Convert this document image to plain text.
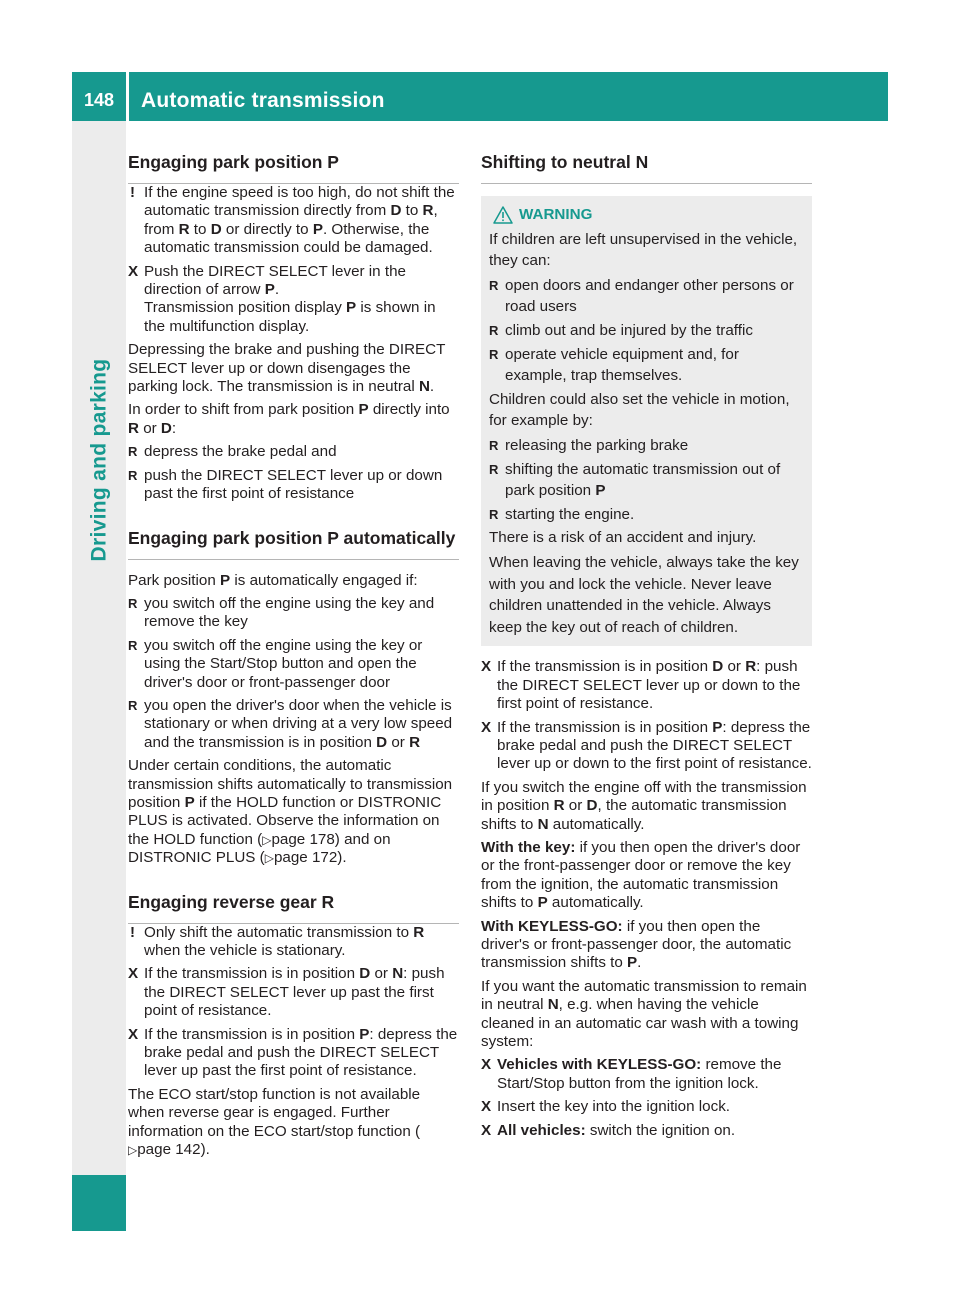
148	Automatic transmission
Driving and parking
Engaging park position P
! If the engine speed is too high, do not shift the automatic transmission directly from D to R, from R to D or directly to P. Otherwise, the automatic transmission could be damaged.
X Push the DIRECT SELECT lever in the direction of arrow P.
Transmission position display P is shown in the multifunction display.

Depressing the brake and pushing the DIRECT SELECT lever up or down disengages the parking lock. The transmission is in neutral N.

In order to shift from park position P directly into R or D:

R depress the brake pedal and
R push the DIRECT SELECT lever up or down past the first point of resistance
Engaging park position P automatically

Park position P is automatically engaged if:

R you switch off the engine using the key and remove the key
R you switch off the engine using the key or using the Start/Stop button and open the driver's door or front-passenger door
R you open the driver's door when the vehicle is stationary or when driving at a very low speed and the transmission is in position D or R

Under certain conditions, the automatic transmission shifts automatically to transmission position P if the HOLD function or DISTRONIC PLUS is activated. Observe the information on the HOLD function (▷page 178) and on DISTRONIC PLUS (▷page 172).

Engaging reverse gear R
! Only shift the automatic transmission to R when the vehicle is stationary.
X If the transmission is in position D or N: push the DIRECT SELECT lever up past the first point of resistance.
X If the transmission is in position P: depress the brake pedal and push the DIRECT SELECT lever up past the first point of resistance.

The ECO start/stop function is not available when reverse gear is engaged. Further information on the ECO start/stop function (
▷page 142).

Shifting to neutral N
WARNING

If children are left unsupervised in the vehicle, they can:

R open doors and endanger other persons or road users
R climb out and be injured by the traffic
R operate vehicle equipment and, for example, trap themselves.

Children could also set the vehicle in motion, for example by:

R releasing the parking brake
R shifting the automatic transmission out of park position P
R starting the engine.

There is a risk of an accident and injury.

When leaving the vehicle, always take the key with you and lock the vehicle. Never leave children unattended in the vehicle. Always keep the key out of reach of children.

X If the transmission is in position D or R: push the DIRECT SELECT lever up or down to the first point of resistance.
X If the transmission is in position P: depress the brake pedal and push the DIRECT SELECT lever up or down to the first point of resistance.

If you switch the engine off with the transmission in position R or D, the automatic transmission shifts to N automatically.

With the key: if you then open the driver's door or the front-passenger door or remove the key from the ignition, the automatic transmission shifts to P automatically.

With KEYLESS-GO: if you then open the driver's or front-passenger door, the automatic transmission shifts to P.

If you want the automatic transmission to remain in neutral N, e.g. when having the vehicle cleaned in an automatic car wash with a towing system:

X Vehicles with KEYLESS-GO: remove the Start/Stop button from the ignition lock.
X Insert the key into the ignition lock.
X All vehicles: switch the ignition on.
